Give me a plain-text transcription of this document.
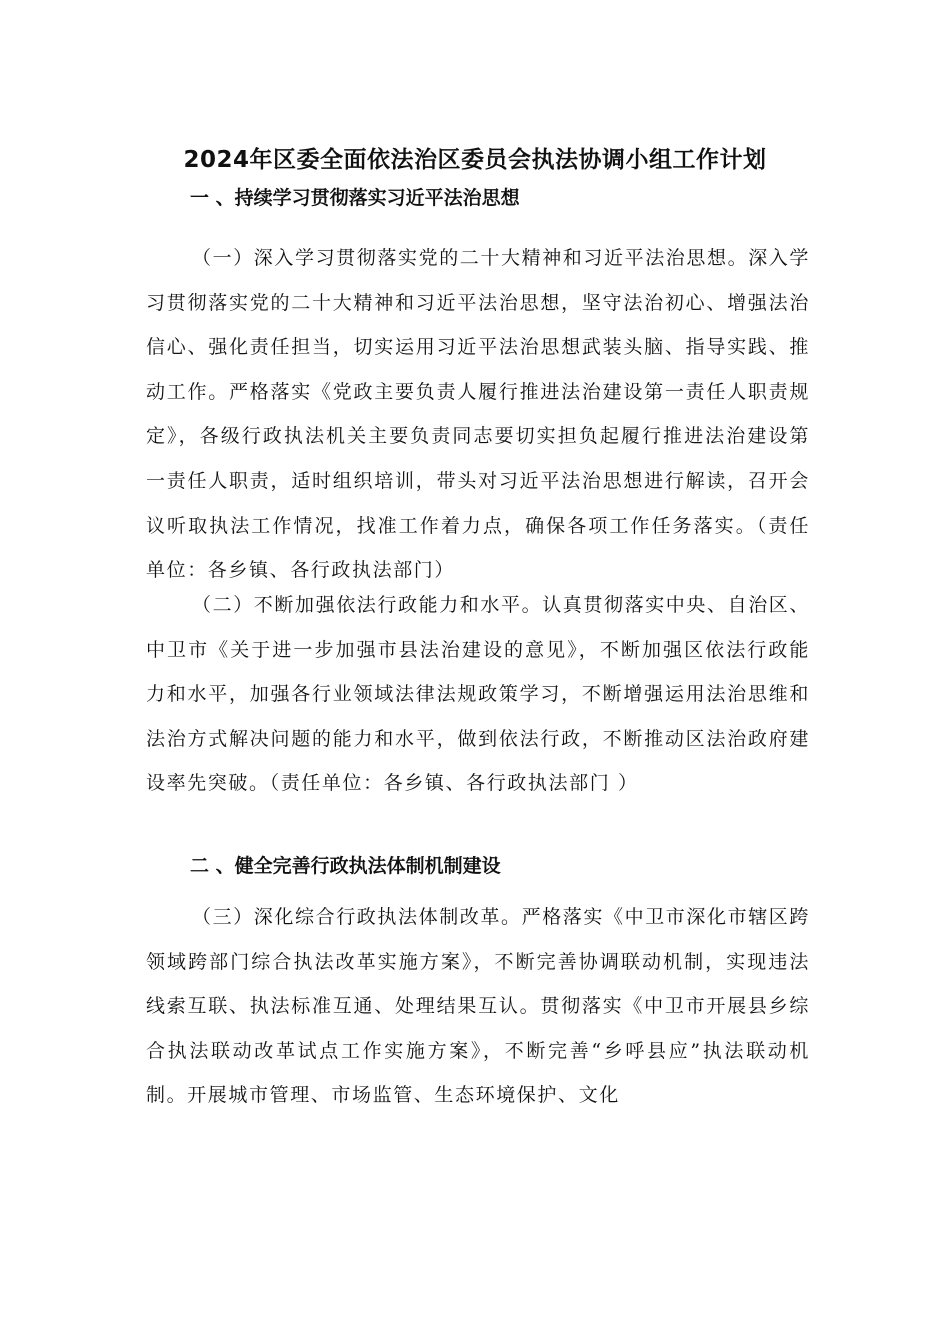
2024年区委全面依法治区委员会执法协调小组工作计划
一 、持续学习贯彻落实习近平法治思想

（一）深入学习贯彻落实党的二十大精神和习近平法治思想。深入学习贯彻落实党的二十大精神和习近平法治思想，坚守法治初心、增强法治信心、强化责任担当，切实运用习近平法治思想武装头脑、指导实践、推动工作。严格落实《党政主要负责人履行推进法治建设第一责任人职责规定》，各级行政执法机关主要负责同志要切实担负起履行推进法治建设第一责任人职责，适时组织培训，带头对习近平法治思想进行解读，召开会议听取执法工作情况，找准工作着力点，确保各项工作任务落实。（责任单位：各乡镇、各行政执法部门）

（二）不断加强依法行政能力和水平。认真贯彻落实中央、自治区、中卫市《关于进一步加强市县法治建设的意见》，不断加强区依法行政能力和水平，加强各行业领域法律法规政策学习，不断增强运用法治思维和法治方式解决问题的能力和水平，做到依法行政，不断推动区法治政府建设率先突破。（责任单位：各乡镇、各行政执法部门 ）

二 、健全完善行政执法体制机制建设

（三）深化综合行政执法体制改革。严格落实《中卫市深化市辖区跨领域跨部门综合执法改革实施方案》，不断完善协调联动机制，实现违法线索互联、执法标准互通、处理结果互认。贯彻落实《中卫市开展县乡综合执法联动改革试点工作实施方案》，不断完善“乡呼县应”执法联动机制。开展城市管理、市场监管、生态环境保护、文化
